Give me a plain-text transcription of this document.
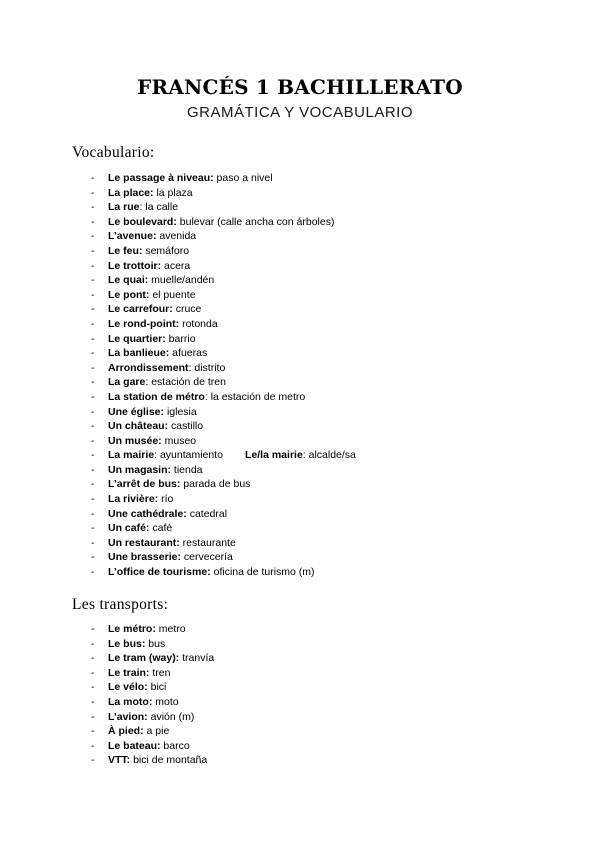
FRANCÉS 1 BACHILLERATO
GRAMÁTICA Y VOCABULARIO
Vocabulario:
- Le passage à niveau: paso a nivel
- La place: la plaza
- La rue: la calle
- Le boulevard: bulevar (calle ancha con árboles)
- L’avenue: avenida
- Le feu: semáforo
- Le trottoir: acera
- Le quai: muelle/andén
- Le pont: el puente
- Le carrefour: cruce
- Le rond-point: rotonda
- Le quartier: barrio
- La banlieue: afueras
- Arrondissement: distrito
- La gare: estación de tren
- La station de métro: la estación de metro
- Une église: iglesia
- Un château: castillo
- Un musée: museo
- La mairie: ayuntamiento Le/la mairie: alcalde/sa
- Un magasin: tienda
- L’arrêt de bus: parada de bus
- La rivière: río
- Une cathédrale: catedral
- Un café: café
- Un restaurant: restaurante
- Une brasserie: cervecería
- L’office de tourisme: oficina de turismo (m)
Les transports:
- Le métro: metro
- Le bus: bus
- Le tram (way): tranvía
- Le train: tren
- Le vélo: bici
- La moto: moto
- L’avion: avión (m)
- À pied: a pie
- Le bateau: barco
- VTT: bici de montaña
